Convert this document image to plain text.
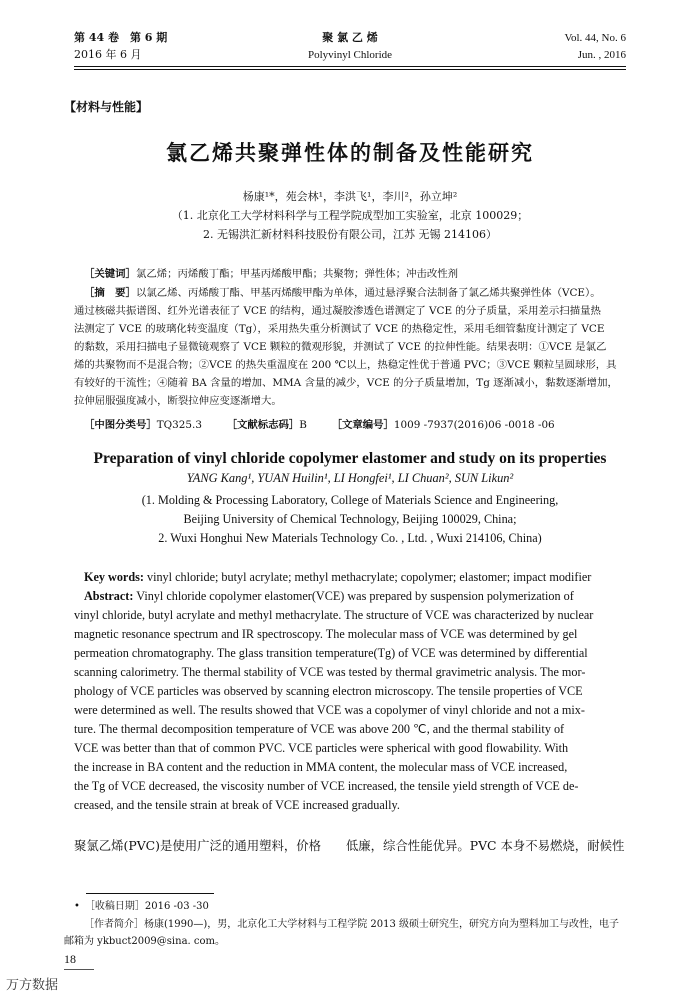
第 44 卷　第 6 期
2016 年 6 月
聚 氯 乙 烯
Polyvinyl Chloride
Vol. 44, No. 6
Jun. , 2016
【材料与性能】
氯乙烯共聚弹性体的制备及性能研究
杨康¹*，苑会林¹，李洪飞¹，李川²，孙立坤²
（1. 北京化工大学材料科学与工程学院成型加工实验室，北京 100029；
2. 无锡洪汇新材料科技股份有限公司，江苏 无锡 214106）
［关键词］氯乙烯；丙烯酸丁酯；甲基丙烯酸甲酯；共聚物；弹性体；冲击改性剂
［摘　要］以氯乙烯、丙烯酸丁酯、甲基丙烯酸甲酯为单体，通过悬浮聚合法制备了氯乙烯共聚弹性体（VCE）。
通过核磁共振谱图、红外光谱表征了 VCE 的结构，通过凝胶渗透色谱测定了 VCE 的分子质量，采用差示扫描量热
法测定了 VCE 的玻璃化转变温度（Tg），采用热失重分析测试了 VCE 的热稳定性，采用毛细管黏度计测定了 VCE
的黏数，采用扫描电子显微镜观察了 VCE 颗粒的微观形貌，并测试了 VCE 的拉伸性能。结果表明：①VCE 是氯乙
烯的共聚物而不是混合物；②VCE 的热失重温度在 200 ℃以上，热稳定性优于普通 PVC；③VCE 颗粒呈圆球形，具
有较好的干流性；④随着 BA 含量的增加、MMA 含量的减少，VCE 的分子质量增加，Tg 逐渐减小，黏数逐渐增加，
拉伸屈服强度减小，断裂拉伸应变逐渐增大。
［中图分类号］TQ325.3 ［文献标志码］B ［文章编号］1009 -7937(2016)06 -0018 -06
Preparation of vinyl chloride copolymer elastomer and study on its properties
YANG Kang¹, YUAN Huilin¹, LI Hongfei¹, LI Chuan², SUN Likun²
(1. Molding & Processing Laboratory, College of Materials Science and Engineering,
Beijing University of Chemical Technology, Beijing 100029, China;
2. Wuxi Honghui New Materials Technology Co. , Ltd. , Wuxi 214106, China)
Key words: vinyl chloride; butyl acrylate; methyl methacrylate; copolymer; elastomer; impact modifier
Abstract: Vinyl chloride copolymer elastomer(VCE) was prepared by suspension polymerization of
vinyl chloride, butyl acrylate and methyl methacrylate. The structure of VCE was characterized by nuclear
magnetic resonance spectrum and IR spectroscopy. The molecular mass of VCE was determined by gel
permeation chromatography. The glass transition temperature(Tg) of VCE was determined by differential
scanning calorimetry. The thermal stability of VCE was tested by thermal gravimetric analysis. The mor-
phology of VCE particles was observed by scanning electron microscopy. The tensile properties of VCE
were determined as well. The results showed that VCE was a copolymer of vinyl chloride and not a mix-
ture. The thermal decomposition temperature of VCE was above 200 ℃, and the thermal stability of
VCE was better than that of common PVC. VCE particles were spherical with good flowability. With
the increase in BA content and the reduction in MMA content, the molecular mass of VCE increased,
the Tg of VCE decreased, the viscosity number of VCE increased, the tensile yield strength of VCE de-
creased, and the tensile strain at break of VCE increased gradually.
聚氯乙烯(PVC)是使用广泛的通用塑料，价格　　低廉，综合性能优异。PVC 本身不易燃烧，耐候性
•　［收稿日期］2016 -03 -30
［作者简介］杨康(1990—)，男，北京化工大学材料与工程学院 2013 级硕士研究生，研究方向为塑料加工与改性，电子
邮箱为 ykbuct2009@sina. com。
18
万方数据
